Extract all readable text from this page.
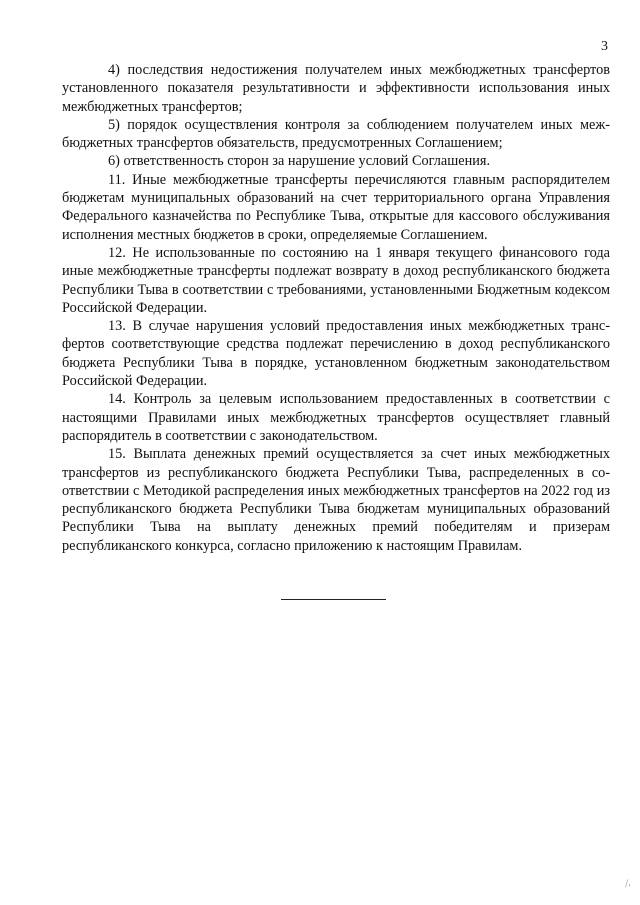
3

4) последствия недостижения получателем иных межбюджетных трансфертов установленного показателя результативности и эффективности использования иных межбюджетных трансфертов;

5) порядок осуществления контроля за соблюдением получателем иных межбюджетных трансфертов обязательств, предусмотренных Соглашением;

6) ответственность сторон за нарушение условий Соглашения.

11. Иные межбюджетные трансферты перечисляются главным распорядителем бюджетам муниципальных образований на счет территориального органа Управления Федерального казначейства по Республике Тыва, открытые для кассового обслуживания исполнения местных бюджетов в сроки, определяемые Соглашением.

12. Не использованные по состоянию на 1 января текущего финансового года иные межбюджетные трансферты подлежат возврату в доход республиканского бюджета Республики Тыва в соответствии с требованиями, установленными Бюджетным кодексом Российской Федерации.

13. В случае нарушения условий предоставления иных межбюджетных трансфертов соответствующие средства подлежат перечислению в доход республиканского бюджета Республики Тыва в порядке, установленном бюджетным законодательством Российской Федерации.

14. Контроль за целевым использованием предоставленных в соответствии с настоящими Правилами иных межбюджетных трансфертов осуществляет главный распорядитель в соответствии с законодательством.

15. Выплата денежных премий осуществляется за счет иных межбюджетных трансфертов из республиканского бюджета Республики Тыва, распределенных в соответствии с Методикой распределения иных межбюджетных трансфертов на 2022 год из республиканского бюджета Республики Тыва бюджетам муниципальных образований Республики Тыва на выплату денежных премий победителям и призерам республиканского конкурса, согласно приложению к настоящим Правилам.

⁄.
